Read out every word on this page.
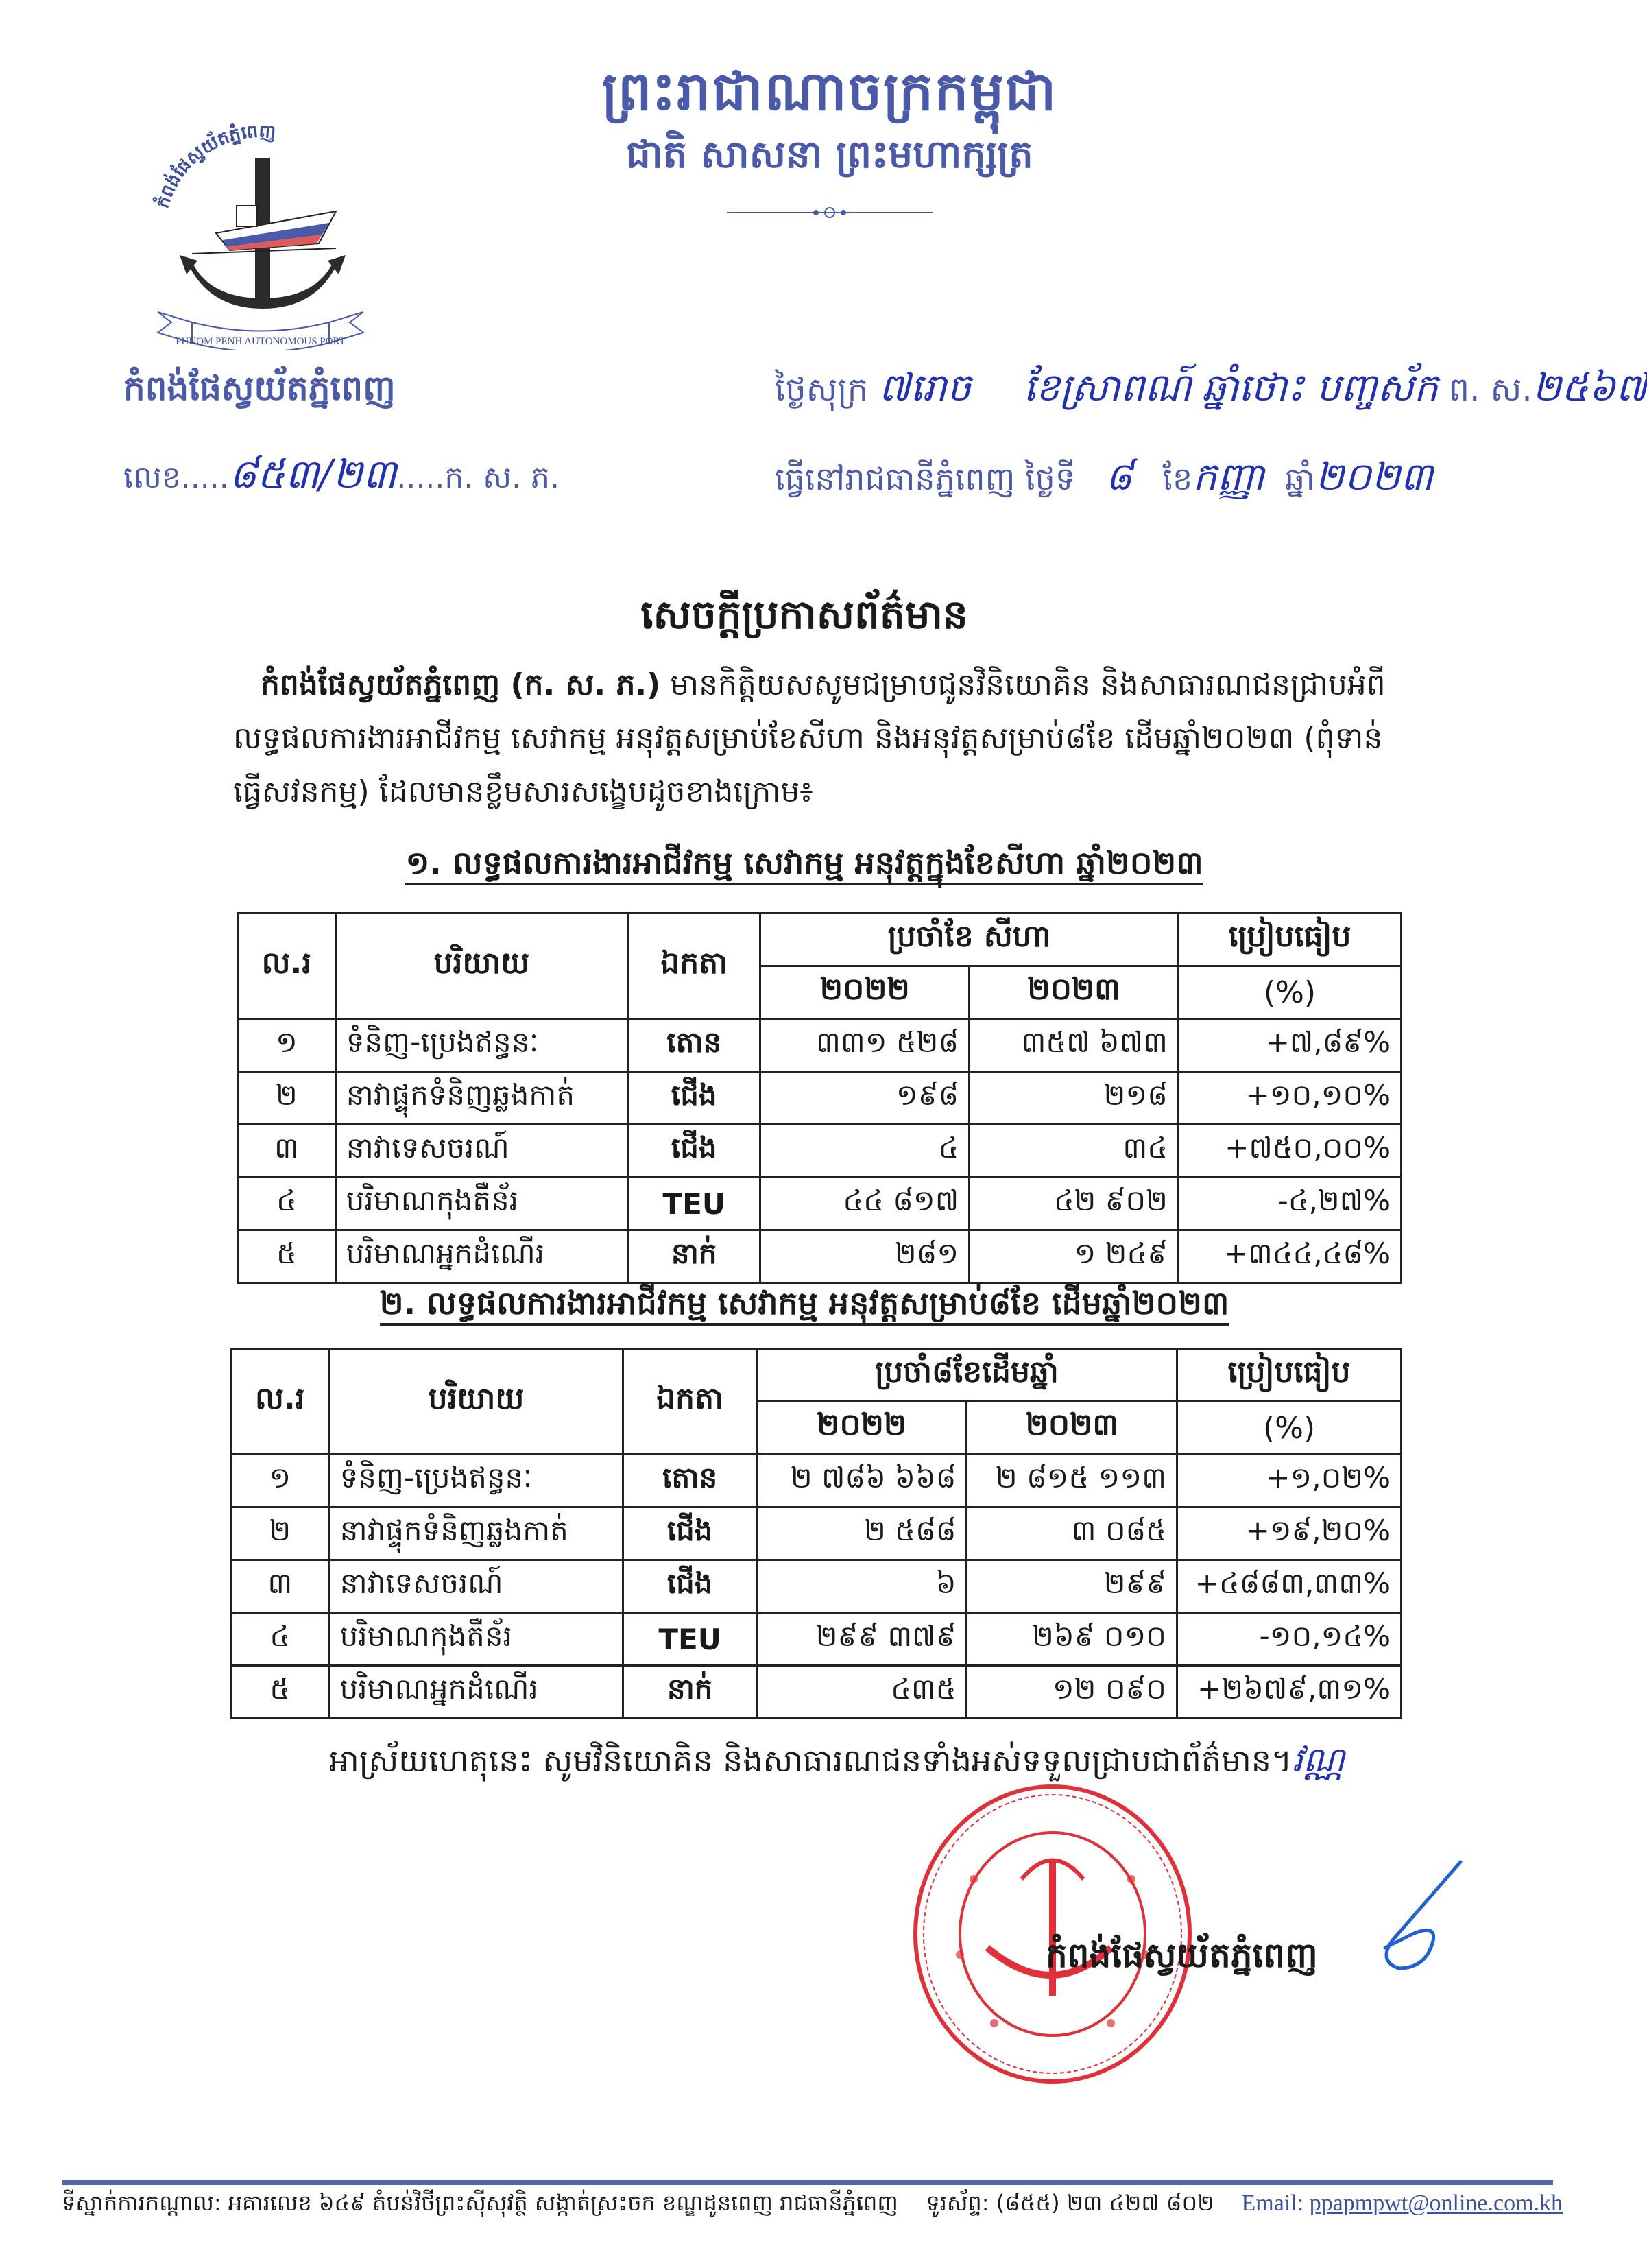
ព្រះរាជាណាចក្រកម្ពុជា
ជាតិ សាសនា ព្រះមហាក្សត្រ
កំពង់ផែស្វយ័តភ្នំពេញ
PHNOM PENH AUTONOMOUS PORT
កំពង់ផែស្វយ័តភ្នំពេញ
លេខ.....៨៥៣/២៣.....ក. ស. ភ.
ថ្ងៃសុក្រ ៧រោច ខែស្រាពណ៍ ឆ្នាំថោះ បញ្ចស័ក ព. ស.២៥៦៧
ធ្វើនៅរាជធានីភ្នំពេញ ថ្ងៃទី ៨ ខែកញ្ញា ឆ្នាំ២០២៣
សេចក្តីប្រកាសព័ត៌មាន
កំពង់ផែស្វយ័តភ្នំពេញ (ក. ស. ភ.) មានកិត្តិយសសូមជម្រាបជូនវិនិយោគិន និងសាធារណជនជ្រាបអំពីលទ្ធផលការងារអាជីវកម្ម សេវាកម្ម អនុវត្តសម្រាប់ខែសីហា និងអនុវត្តសម្រាប់៨ខែ ដើមឆ្នាំ២០២៣ (ពុំទាន់ធ្វើសវនកម្ម) ដែលមានខ្លឹមសារសង្ខេបដូចខាងក្រោម៖
១. លទ្ធផលការងារអាជីវកម្ម សេវាកម្ម អនុវត្តក្នុងខែសីហា ឆ្នាំ២០២៣
ល.រ	បរិយាយ	ឯកតា	ប្រចាំខែ សីហា		ប្រៀបធៀប
			២០២២	២០២៣	(%)
១	ទំនិញ-ប្រេងឥន្ធនៈ	តោន	៣៣១ ៥២៨	៣៥៧ ៦៧៣	+៧,៨៩%
២	នាវាផ្ទុកទំនិញឆ្លងកាត់	ជើង	១៩៨	២១៨	+១០,១០%
៣	នាវាទេសចរណ៍	ជើង	៤	៣៤	+៧៥០,០០%
៤	បរិមាណកុងតឺន័រ	TEU	៤៤ ៨១៧	៤២ ៩០២	-៤,២៧%
៥	បរិមាណអ្នកដំណើរ	នាក់	២៨១	១ ២៤៩	+៣៤៤,៤៨%
២. លទ្ធផលការងារអាជីវកម្ម សេវាកម្ម អនុវត្តសម្រាប់៨ខែ ដើមឆ្នាំ២០២៣
ល.រ	បរិយាយ	ឯកតា	ប្រចាំ៨ខែដើមឆ្នាំ		ប្រៀបធៀប
			២០២២	២០២៣	(%)
១	ទំនិញ-ប្រេងឥន្ធនៈ	តោន	២ ៧៨៦ ៦៦៨	២ ៨១៥ ១១៣	+១,០២%
២	នាវាផ្ទុកទំនិញឆ្លងកាត់	ជើង	២ ៥៨៨	៣ ០៨៥	+១៩,២០%
៣	នាវាទេសចរណ៍	ជើង	៦	២៩៩	+៤៨៨៣,៣៣%
៤	បរិមាណកុងតឺន័រ	TEU	២៩៩ ៣៧៩	២៦៩ ០១០	-១០,១៤%
៥	បរិមាណអ្នកដំណើរ	នាក់	៤៣៥	១២ ០៩០	+២៦៧៩,៣១%
អាស្រ័យហេតុនេះ សូមវិនិយោគិន និងសាធារណជនទាំងអស់ទទួលជ្រាបជាព័ត៌មាន។វណ្ណ
កំពង់ផែស្វយ័តភ្នំពេញ
ទីស្នាក់ការកណ្តាល: អគារលេខ ៦៤៩ តំបន់វិថីព្រះស៊ីសុវត្ថិ សង្កាត់ស្រះចក ខណ្ឌដូនពេញ រាជធានីភ្នំពេញ ទូរស័ព្ទ: (៨៥៥) ២៣ ៤២៧ ៨០២ Email: ppapmpwt@online.com.kh
